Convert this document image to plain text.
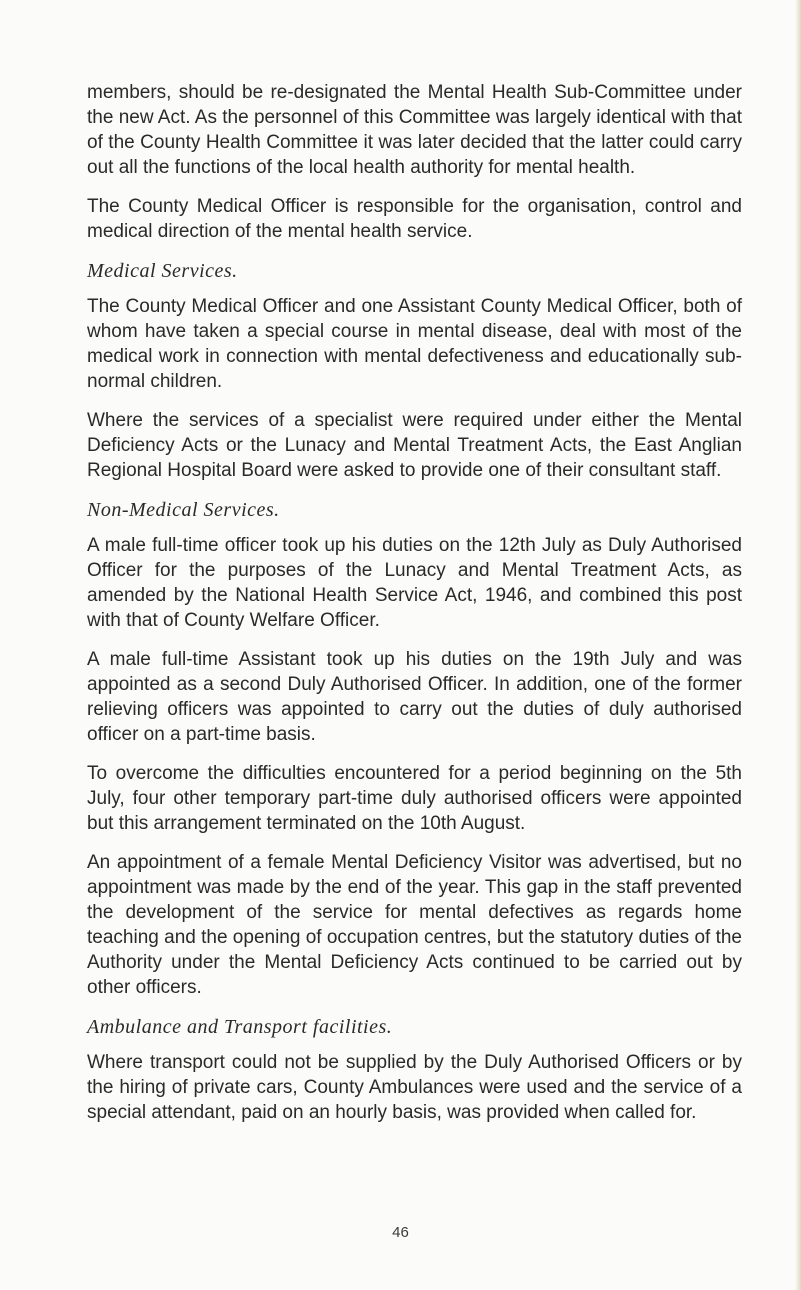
members, should be re-designated the Mental Health Sub-Committee under the new Act. As the personnel of this Committee was largely identical with that of the County Health Committee it was later decided that the latter could carry out all the functions of the local health authority for mental health.

The County Medical Officer is responsible for the organisation, control and medical direction of the mental health service.

Medical Services.

The County Medical Officer and one Assistant County Medical Officer, both of whom have taken a special course in mental disease, deal with most of the medical work in connection with mental defectiveness and educationally sub-normal children.

Where the services of a specialist were required under either the Mental Deficiency Acts or the Lunacy and Mental Treatment Acts, the East Anglian Regional Hospital Board were asked to provide one of their consultant staff.

Non-Medical Services.

A male full-time officer took up his duties on the 12th July as Duly Authorised Officer for the purposes of the Lunacy and Mental Treatment Acts, as amended by the National Health Service Act, 1946, and combined this post with that of County Welfare Officer.

A male full-time Assistant took up his duties on the 19th July and was appointed as a second Duly Authorised Officer. In addition, one of the former relieving officers was appointed to carry out the duties of duly authorised officer on a part-time basis.

To overcome the difficulties encountered for a period beginning on the 5th July, four other temporary part-time duly authorised officers were appointed but this arrangement terminated on the 10th August.

An appointment of a female Mental Deficiency Visitor was advertised, but no appointment was made by the end of the year. This gap in the staff prevented the development of the service for mental defectives as regards home teaching and the opening of occupation centres, but the statutory duties of the Authority under the Mental Deficiency Acts continued to be carried out by other officers.

Ambulance and Transport facilities.

Where transport could not be supplied by the Duly Authorised Officers or by the hiring of private cars, County Ambulances were used and the service of a special attendant, paid on an hourly basis, was provided when called for.

46
